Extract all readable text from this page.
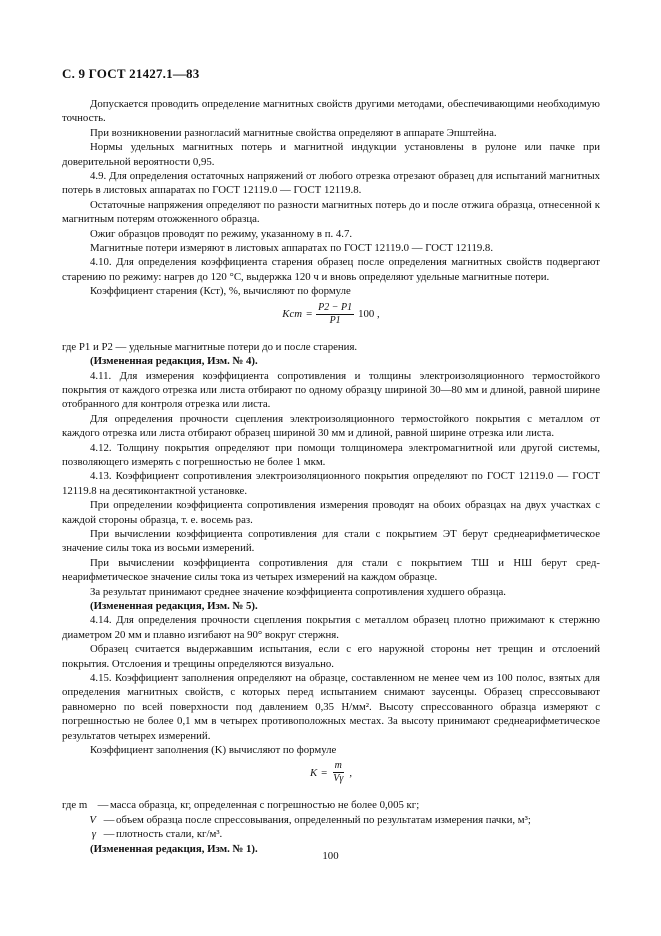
С. 9 ГОСТ 21427.1—83

Допускается проводить определение магнитных свойств другими методами, обеспечивающими необходимую точность.

При возникновении разногласий магнитные свойства определяют в аппарате Эпштейна.

Нормы удельных магнитных потерь и магнитной индукции установлены в рулоне или пачке при доверительной вероятности 0,95.

4.9. Для определения остаточных напряжений от любого отрезка отрезают образец для испытаний магнитных потерь в листовых аппаратах по ГОСТ 12119.0 — ГОСТ 12119.8.

Остаточные напряжения определяют по разности магнитных потерь до и после отжига образца, отнесенной к магнитным потерям отожженного образца.

Ожиг образцов проводят по режиму, указанному в п. 4.7.

Магнитные потери измеряют в листовых аппаратах по ГОСТ 12119.0 — ГОСТ 12119.8.

4.10. Для определения коэффициента старения образец после определения магнитных свойств подвергают старению по режиму: нагрев до 120 °С, выдержка 120 ч и вновь определяют удельные магнитные потери.

Коэффициент старения (Кст), %, вычисляют по формуле

Kст = $\frac{P2 - P1}{P1} 100$ ,

где P1 и P2 — удельные магнитные потери до и после старения.

(Измененная редакция, Изм. № 4).

4.11. Для измерения коэффициента сопротивления и толщины электроизоляционного термостойкого покрытия от каждого отрезка или листа отбирают по одному образцу шириной 30—80 мм и длиной, равной ширине отобранного для контроля отрезка или листа.

Для определения прочности сцепления электроизоляционного термостойкого покрытия с металлом от каждого отрезка или листа отбирают образец шириной 30 мм и длиной, равной ширине отрезка или листа.

4.12. Толщину покрытия определяют при помощи толщиномера электромагнитной или другой системы, позволяющего измерять с погрешностью не более 1 мкм.

4.13. Коэффициент сопротивления электроизоляционного покрытия определяют по ГОСТ 12119.0 — ГОСТ 12119.8 на десятиконтактной установке.

При определении коэффициента сопротивления измерения проводят на обоих образцах на двух участках с каждой стороны образца, т. е. восемь раз.

При вычислении коэффициента сопротивления для стали с покрытием ЭТ берут среднеарифметическое значение силы тока из восьми измерений.

При вычислении коэффициента сопротивления для стали с покрытием ТШ и НШ берут среднеарифметическое значение силы тока из четырех измерений на каждом образце.

За результат принимают среднее значение коэффициента сопротивления худшего образца.

(Измененная редакция, Изм. № 5).

4.14. Для определения прочности сцепления покрытия с металлом образец плотно прижимают к стержню диаметром 20 мм и плавно изгибают на 90° вокруг стержня.

Образец считается выдержавшим испытания, если с его наружной стороны нет трещин и отслоений покрытия. Отслоения и трещины определяются визуально.

4.15. Коэффициент заполнения определяют на образце, составленном не менее чем из 100 полос, взятых для определения магнитных свойств, с которых перед испытанием снимают заусенцы. Образец спрессовывают равномерно по всей поверхности под давлением 0,35 Н/мм². Высоту спрессованного образца измеряют с погрешностью не более 0,1 мм в четырех противоположных местах. За высоту принимают среднеарифметическое результатов четырех измерений.

Коэффициент заполнения (K) вычисляют по формуле

$K = \frac{m}{V\gamma}$ ,
где m — масса образца, кг, определенная с погрешностью не более 0,005 кг;
V — объем образца после спрессовывания, определенный по результатам измерения пачки, м³;
γ — плотность стали, кг/м³.

(Измененная редакция, Изм. № 1).

100
